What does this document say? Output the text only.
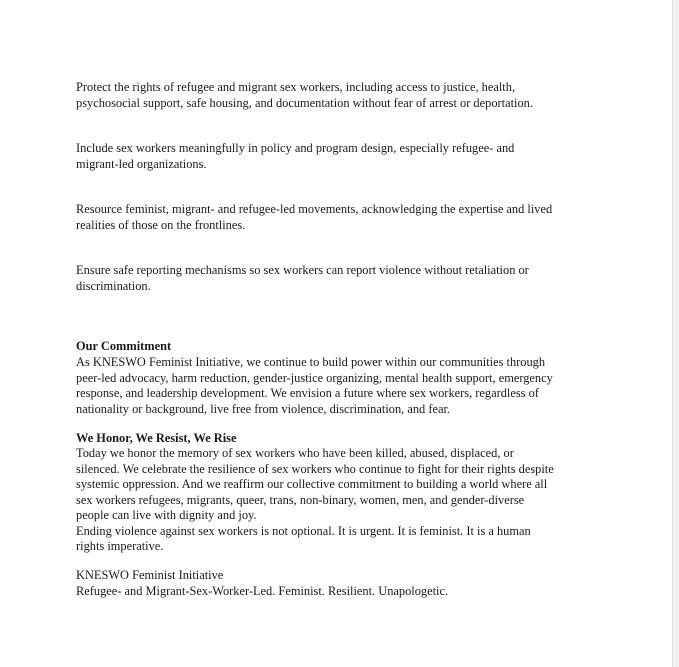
Protect the rights of refugee and migrant sex workers, including access to justice, health,
psychosocial support, safe housing, and documentation without fear of arrest or deportation.

Include sex workers meaningfully in policy and program design, especially refugee- and
migrant-led organizations.

Resource feminist, migrant- and refugee-led movements, acknowledging the expertise and lived
realities of those on the frontlines.

Ensure safe reporting mechanisms so sex workers can report violence without retaliation or
discrimination.

Our Commitment

As KNESWO Feminist Initiative, we continue to build power within our communities through

peer-led advocacy, harm reduction, gender-justice organizing, mental health support, emergency

response, and leadership development. We envision a future where sex workers, regardless of

nationality or background, live free from violence, discrimination, and fear.

We Honor, We Resist, We Rise

Today we honor the memory of sex workers who have been killed, abused, displaced, or

silenced. We celebrate the resilience of sex workers who continue to fight for their rights despite

systemic oppression. And we reaffirm our collective commitment to building a world where all

sex workers refugees, migrants, queer, trans, non-binary, women, men, and gender-diverse

people can live with dignity and joy.

Ending violence against sex workers is not optional. It is urgent. It is feminist. It is a human

rights imperative.

KNESWO Feminist Initiative

Refugee- and Migrant-Sex-Worker-Led. Feminist. Resilient. Unapologetic.
